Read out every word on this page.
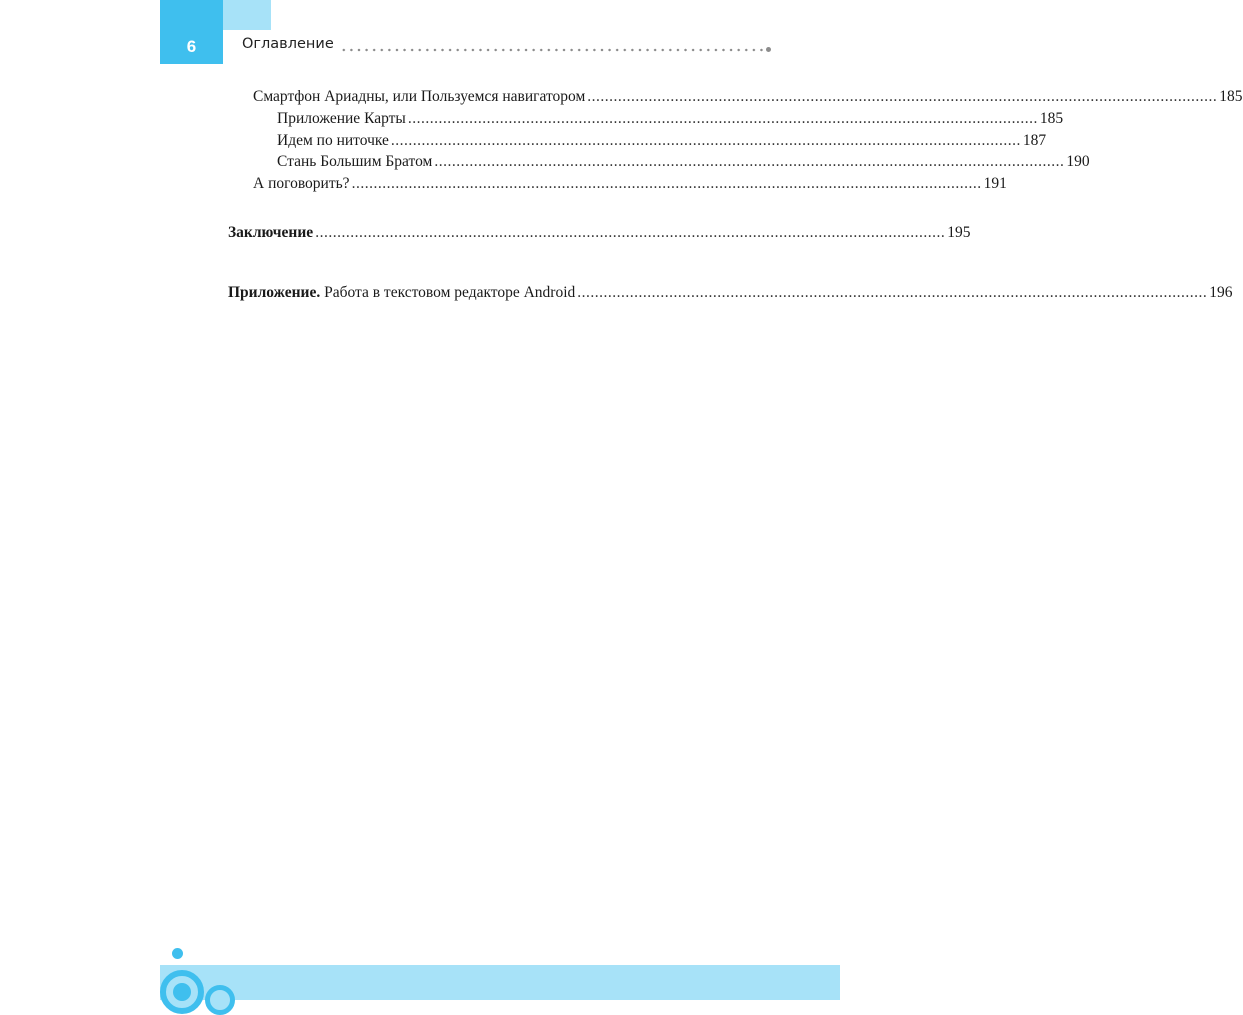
6	Оглавление
Смартфон Ариадны, или Пользуемся навигатором ................................................................................................................................................ 185
Приложение Карты ................................................................................................................................................ 185
Идем по ниточке ................................................................................................................................................ 187
Стань Большим Братом ................................................................................................................................................ 190
А поговорить? ................................................................................................................................................ 191
Заключение ................................................................................................................................................ 195
Приложение. Работа в текстовом редакторе Android ................................................................................................................................................ 196
